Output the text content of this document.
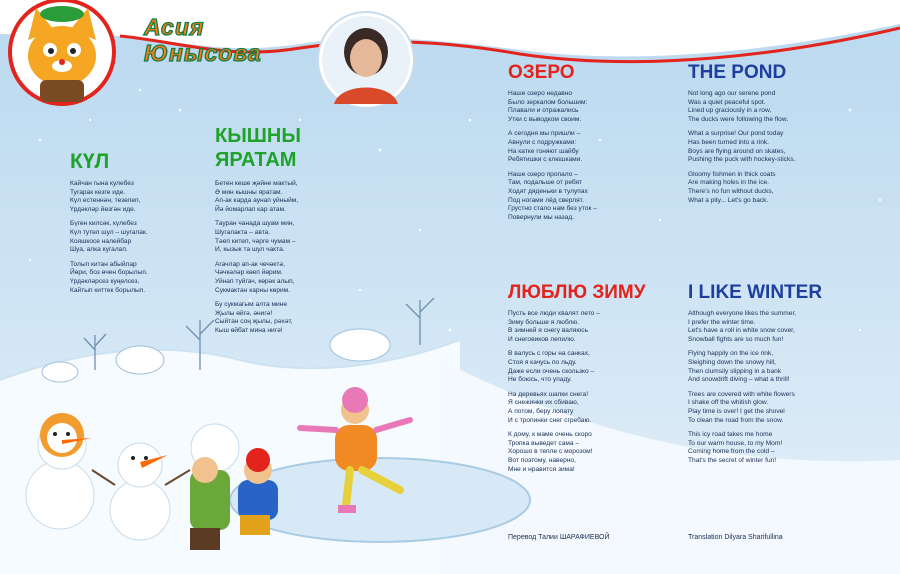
Асия
Юнысова
КҮЛ
Кайчан гына кулебез
Тугарак кезге иде.
Күл естеннән, тезелеп,
Үрдәкләр йөзгән иде.
Бүген килсәк, күлебез
Күл тутел шул – шугалак.
Кояшкосе налейбар
Шуа, алка кугалап.
Толып китан абыйлар
Йөри, боз өчен борылып.
Үрдәкләрсез куңелсез,
Кайтып киттек борылып.
КЫШНЫ
ЯРАТАМ
Бетен кеше җәйне мактый,
Ә мин кышны яратам.
Ап-ак карда аунап уйныйм,
Йә йомарлап кар атам.
Тауран чанада шуам мин,
Шугалакта – авта.
Тәеп китеп, чәрге чумам –
И, кызык та шул чакта.
Агачлар ап-ак чечәктә,
Чәчкәләр көеп йөрим.
Уйнап туйгач, көрәк алып,
Сукмактан карны көрим.
Бу сукмагым алта мине
Җылы өйгә, әнигә!
Сыйтан соң җылы, рәхәт,
Кыш өйбат мина нигә!
ОЗЕРО
Наше озеро недавно
Было зеркалом большим:
Плавали и отражались
Утки с выводком своим.
А сегодня мы пришли –
Авнули с подружками:
На катке гоняют шайбу
Ребятишки с клюшками.
Наше озеро пропало –
Там, подальше от ребят
Ходят дяденьки в тулупах
Под ногами лёд сверлят.
Грустно стало нам без уток –
Повернули мы назад.
THE POND
Not long ago our serene pond
Was a quiet peaceful spot.
Lined up graciously in a row,
The ducks were following the flow.
What a surprise! Our pond today
Has been turned into a rink.
Boys are flying around on skates,
Pushing the puck with hockey-sticks.
Gloomy fishmen in thick coats
Are making holes in the ice.
There's no fun without ducks,
What a pity... Let's go back.
ЛЮБЛЮ ЗИМУ
Пусть все люди хвалят лето –
Зиму больше я люблю.
В зимней я снегу валяюсь
И снеговиков лепилю.
В валусь с горы на санках,
Стоя я качусь по льду.
Даже если очень скользко –
Не боюсь, что упаду.
На деревьях шапки снега!
Я снежинки их сбиваю,
А потом, беру лопату
И с тропинки снег сгребаю.
К дому, к маме очень скоро
Тропка выведет сама –
Хорошо в тепле с морозом!
Вот поэтому, наверно,
Мне и нравится зима!
I LIKE WINTER
Although everyone likes the summer,
I prefer the winter time.
Let's have a roll in white snow cover,
Snowball fights are so much fun!
Flying happily on the ice rink,
Sleighing down the snowy hill,
Then clumsily slipping in a bank
And snowdrift diving – what a thrill!
Trees are covered with white flowers
I shake off the whitish glow.
Play time is over! I get the shovel
To clean the road from the snow.
This icy road takes me home
To our warm house, to my Mom!
Coming home from the cold –
That's the secret of winter fun!
Перевод Талии ШАРАФИЕВОЙ	Translation Dilyara Sharifullina
